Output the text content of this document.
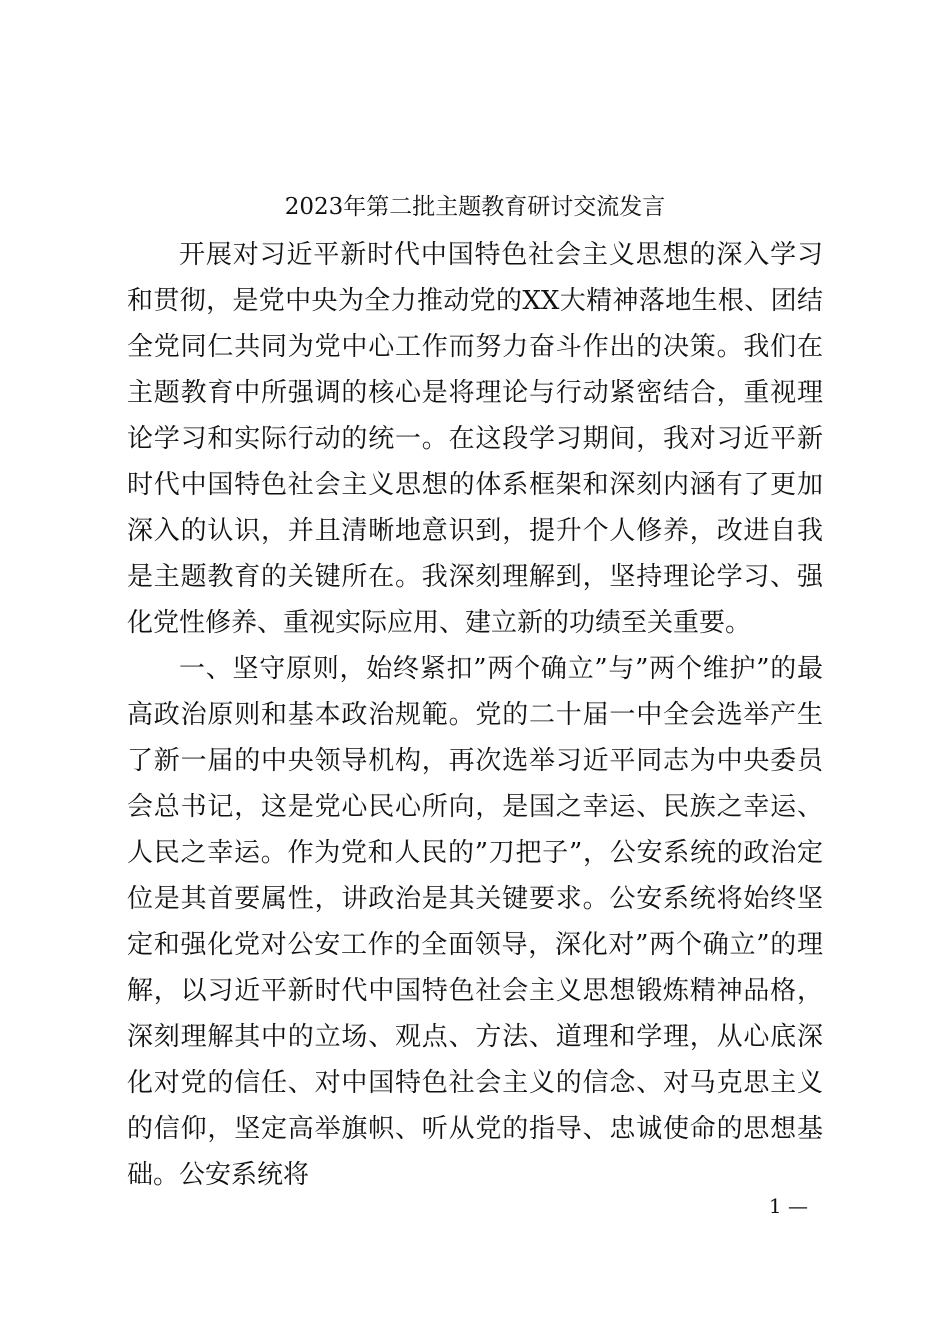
2023年第二批主题教育研讨交流发言

开展对习近平新时代中国特色社会主义思想的深入学习和贯彻，是党中央为全力推动党的XX大精神落地生根、团结全党同仁共同为党中心工作而努力奋斗作出的决策。我们在主题教育中所强调的核心是将理论与行动紧密结合，重视理论学习和实际行动的统一。在这段学习期间，我对习近平新时代中国特色社会主义思想的体系框架和深刻内涵有了更加深入的认识，并且清晰地意识到，提升个人修养，改进自我是主题教育的关键所在。我深刻理解到，坚持理论学习、强化党性修养、重视实际应用、建立新的功绩至关重要。

一、坚守原则，始终紧扣”两个确立”与”两个维护”的最高政治原则和基本政治规範。党的二十届一中全会选举产生了新一届的中央领导机构，再次选举习近平同志为中央委员会总书记，这是党心民心所向，是国之幸运、民族之幸运、人民之幸运。作为党和人民的”刀把子”，公安系统的政治定位是其首要属性，讲政治是其关键要求。公安系统将始终坚定和强化党对公安工作的全面领导，深化对”两个确立”的理解，以习近平新时代中国特色社会主义思想锻炼精神品格，深刻理解其中的立场、观点、方法、道理和学理，从心底深化对党的信任、对中国特色社会主义的信念、对马克思主义的信仰，坚定高举旗帜、听从党的指导、忠诚使命的思想基础。公安系统将

1 —
